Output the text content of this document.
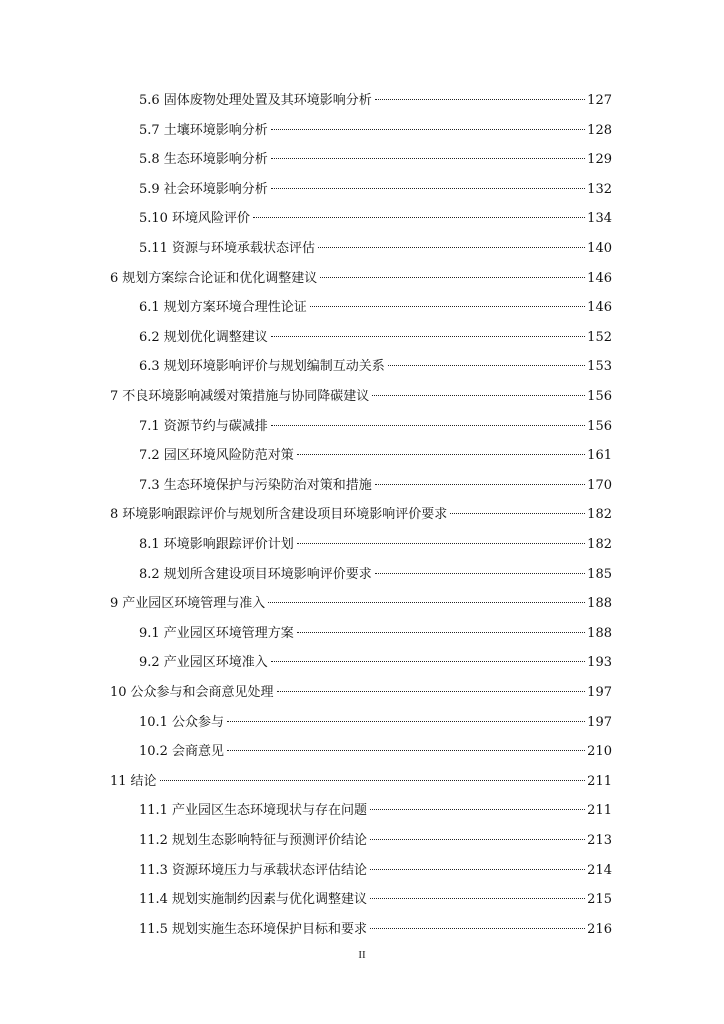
5.6 固体废物处理处置及其环境影响分析	127
5.7 土壤环境影响分析	128
5.8 生态环境影响分析	129
5.9 社会环境影响分析	132
5.10 环境风险评价	134
5.11 资源与环境承载状态评估	140
6 规划方案综合论证和优化调整建议	146
6.1 规划方案环境合理性论证	146
6.2 规划优化调整建议	152
6.3 规划环境影响评价与规划编制互动关系	153
7 不良环境影响减缓对策措施与协同降碳建议	156
7.1 资源节约与碳减排	156
7.2 园区环境风险防范对策	161
7.3 生态环境保护与污染防治对策和措施	170
8 环境影响跟踪评价与规划所含建设项目环境影响评价要求	182
8.1 环境影响跟踪评价计划	182
8.2 规划所含建设项目环境影响评价要求	185
9 产业园区环境管理与准入	188
9.1 产业园区环境管理方案	188
9.2 产业园区环境准入	193
10 公众参与和会商意见处理	197
10.1 公众参与	197
10.2 会商意见	210
11 结论	211
11.1 产业园区生态环境现状与存在问题	211
11.2 规划生态影响特征与预测评价结论	213
11.3 资源环境压力与承载状态评估结论	214
11.4 规划实施制约因素与优化调整建议	215
11.5 规划实施生态环境保护目标和要求	216
II
